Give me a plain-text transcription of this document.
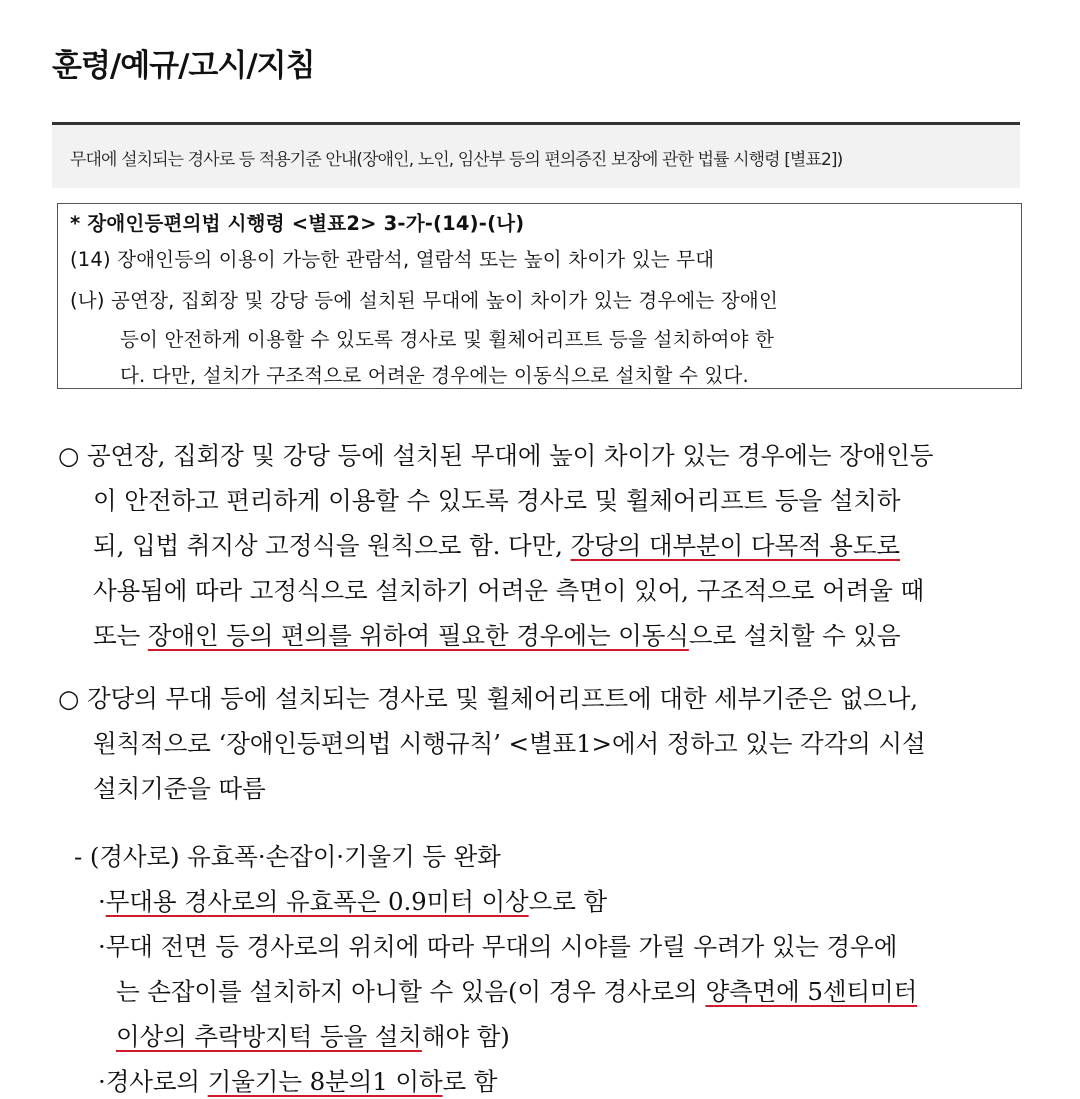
훈령/예규/고시/지침
무대에 설치되는 경사로 등 적용기준 안내(장애인, 노인, 임산부 등의 편의증진 보장에 관한 법률 시행령 [별표2])
* 장애인등편의법 시행령 <별표2> 3-가-(14)-(나)
(14) 장애인등의 이용이 가능한 관람석, 열람석 또는 높이 차이가 있는 무대
(나) 공연장, 집회장 및 강당 등에 설치된 무대에 높이 차이가 있는 경우에는 장애인
등이 안전하게 이용할 수 있도록 경사로 및 휠체어리프트 등을 설치하여야 한
다. 다만, 설치가 구조적으로 어려운 경우에는 이동식으로 설치할 수 있다.
○ 공연장, 집회장 및 강당 등에 설치된 무대에 높이 차이가 있는 경우에는 장애인등
이 안전하고 편리하게 이용할 수 있도록 경사로 및 휠체어리프트 등을 설치하
되, 입법 취지상 고정식을 원칙으로 함. 다만, 강당의 대부분이 다목적 용도로
사용됨에 따라 고정식으로 설치하기 어려운 측면이 있어, 구조적으로 어려울 때
또는 장애인 등의 편의를 위하여 필요한 경우에는 이동식으로 설치할 수 있음
○ 강당의 무대 등에 설치되는 경사로 및 휠체어리프트에 대한 세부기준은 없으나,
원칙적으로 ‘장애인등편의법 시행규칙’ <별표1>에서 정하고 있는 각각의 시설
설치기준을 따름
- (경사로) 유효폭·손잡이·기울기 등 완화
·무대용 경사로의 유효폭은 0.9미터 이상으로 함
·무대 전면 등 경사로의 위치에 따라 무대의 시야를 가릴 우려가 있는 경우에
는 손잡이를 설치하지 아니할 수 있음(이 경우 경사로의 양측면에 5센티미터
이상의 추락방지턱 등을 설치해야 함)
·경사로의 기울기는 8분의1 이하로 함
